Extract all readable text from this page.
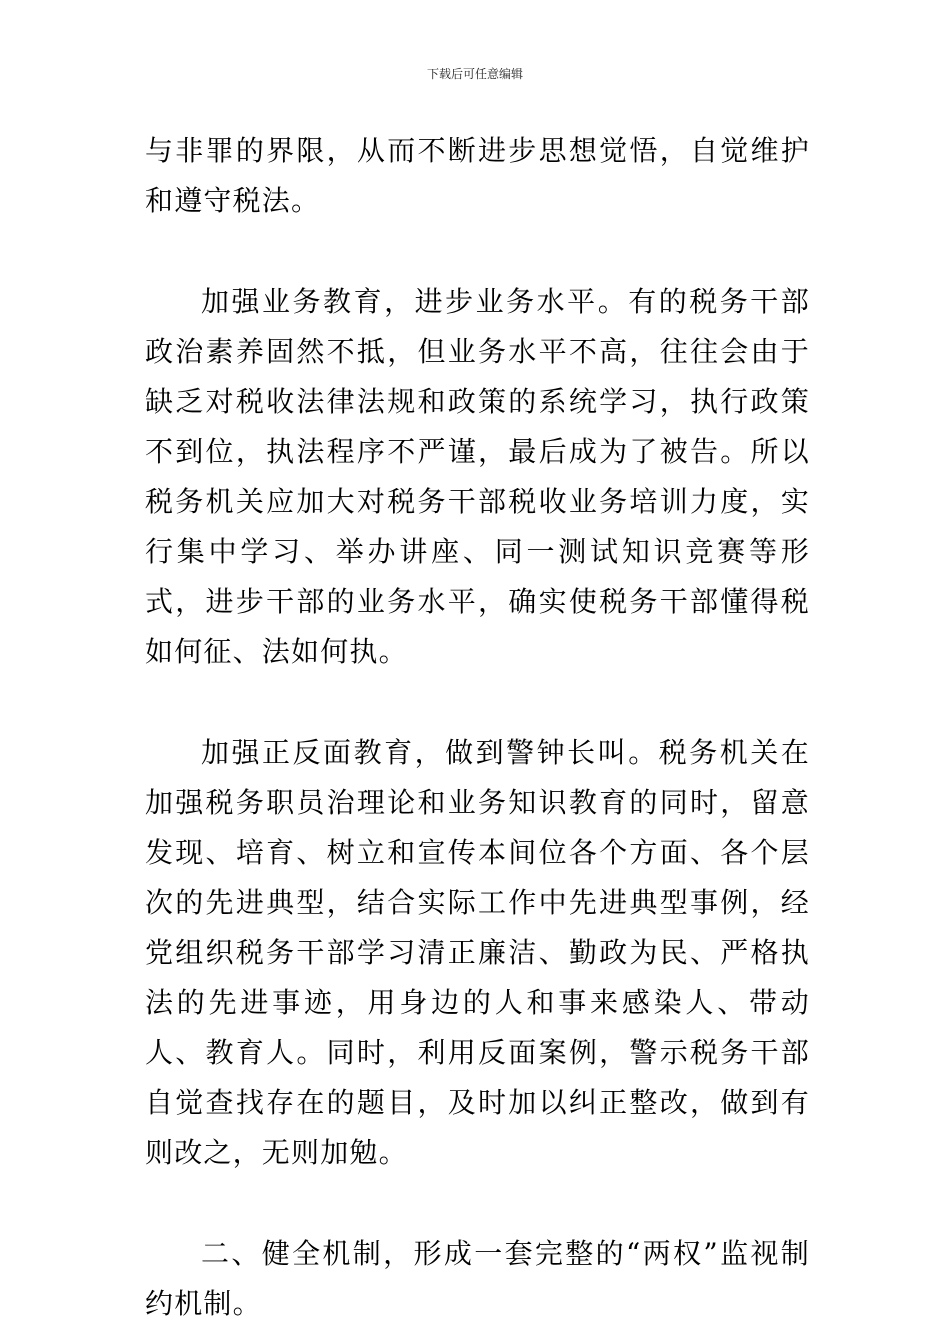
下载后可任意编辑

与非罪的界限，从而不断进步思想觉悟，自觉维护和遵守税法。

加强业务教育，进步业务水平。有的税务干部政治素养固然不抵，但业务水平不高，往往会由于缺乏对税收法律法规和政策的系统学习，执行政策不到位，执法程序不严谨，最后成为了被告。所以税务机关应加大对税务干部税收业务培训力度，实行集中学习、举办讲座、同一测试知识竞赛等形式，进步干部的业务水平，确实使税务干部懂得税如何征、法如何执。

加强正反面教育，做到警钟长叫。税务机关在加强税务职员治理论和业务知识教育的同时，留意发现、培育、树立和宣传本间位各个方面、各个层次的先进典型，结合实际工作中先进典型事例，经党组织税务干部学习清正廉洁、勤政为民、严格执法的先进事迹，用身边的人和事来感染人、带动人、教育人。同时，利用反面案例，警示税务干部自觉查找存在的题目，及时加以纠正整改，做到有则改之，无则加勉。

二、健全机制，形成一套完整的“两权”监视制约机制。
